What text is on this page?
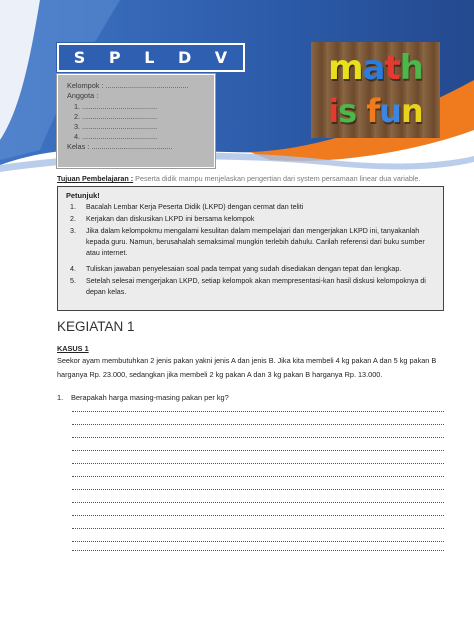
S P L D V
Kelompok : .........................................
Anggota :
1. .....................................
2. .....................................
3. .....................................
4. .....................................
Kelas : ........................................
math
is fun
Tujuan Pembelajaran : Peserta didik mampu menjelaskan pengertian dari system persamaan linear dua variable.
Petunjuk!
1. Bacalah Lembar Kerja Peserta Didik (LKPD) dengan cermat dan teliti
2. Kerjakan dan diskusikan LKPD ini bersama kelompok
3. Jika dalam kelompokmu mengalami kesulitan dalam mempelajari dan mengerjakan LKPD ini, tanyakanlah kepada guru. Namun, berusahalah semaksimal mungkin terlebih dahulu. Carilah referensi dari buku sumber atau internet.
4. Tuliskan jawaban penyelesaian soal pada tempat yang sudah disediakan dengan tepat dan lengkap.
5. Setelah selesai mengerjakan LKPD, setiap kelompok akan mempresentasi-kan hasil diskusi kelompoknya di depan kelas.
KEGIATAN 1
KASUS 1
Seekor ayam membutuhkan 2 jenis pakan yakni jenis A dan jenis B. Jika kita membeli 4 kg pakan A dan 5 kg pakan B harganya Rp. 23.000, sedangkan jika membeli 2 kg pakan A dan 3 kg pakan B harganya Rp. 13.000.
1. Berapakah harga masing-masing pakan per kg?
